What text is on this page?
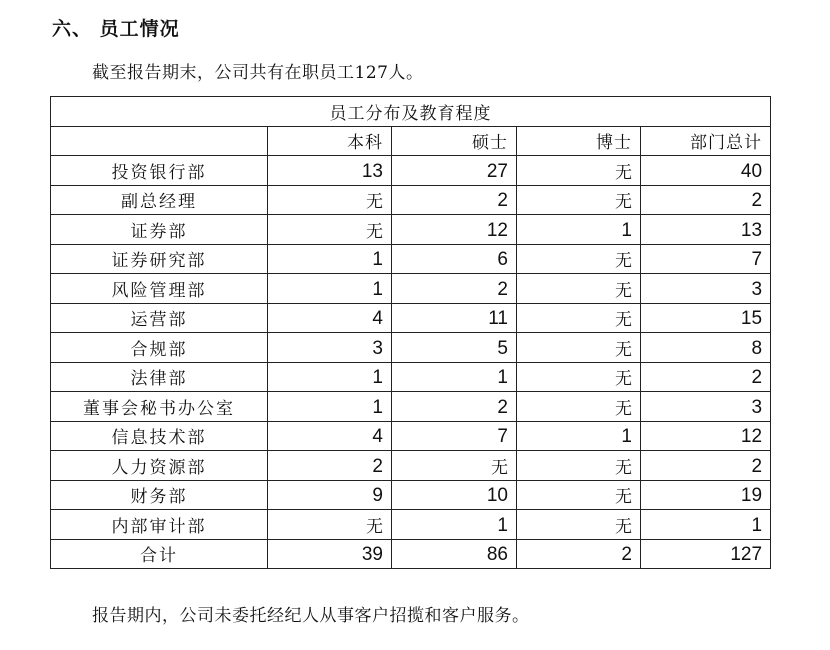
六、 员工情况
截至报告期末，公司共有在职员工127人。
员工分布及教育程度				
	本科	硕士	博士	部门总计
投资银行部	13	27	无	40
副总经理	无	2	无	2
证券部	无	12	1	13
证券研究部	1	6	无	7
风险管理部	1	2	无	3
运营部	4	11	无	15
合规部	3	5	无	8
法律部	1	1	无	2
董事会秘书办公室	1	2	无	3
信息技术部	4	7	1	12
人力资源部	2	无	无	2
财务部	9	10	无	19
内部审计部	无	1	无	1
合计	39	86	2	127
报告期内，公司未委托经纪人从事客户招揽和客户服务。
